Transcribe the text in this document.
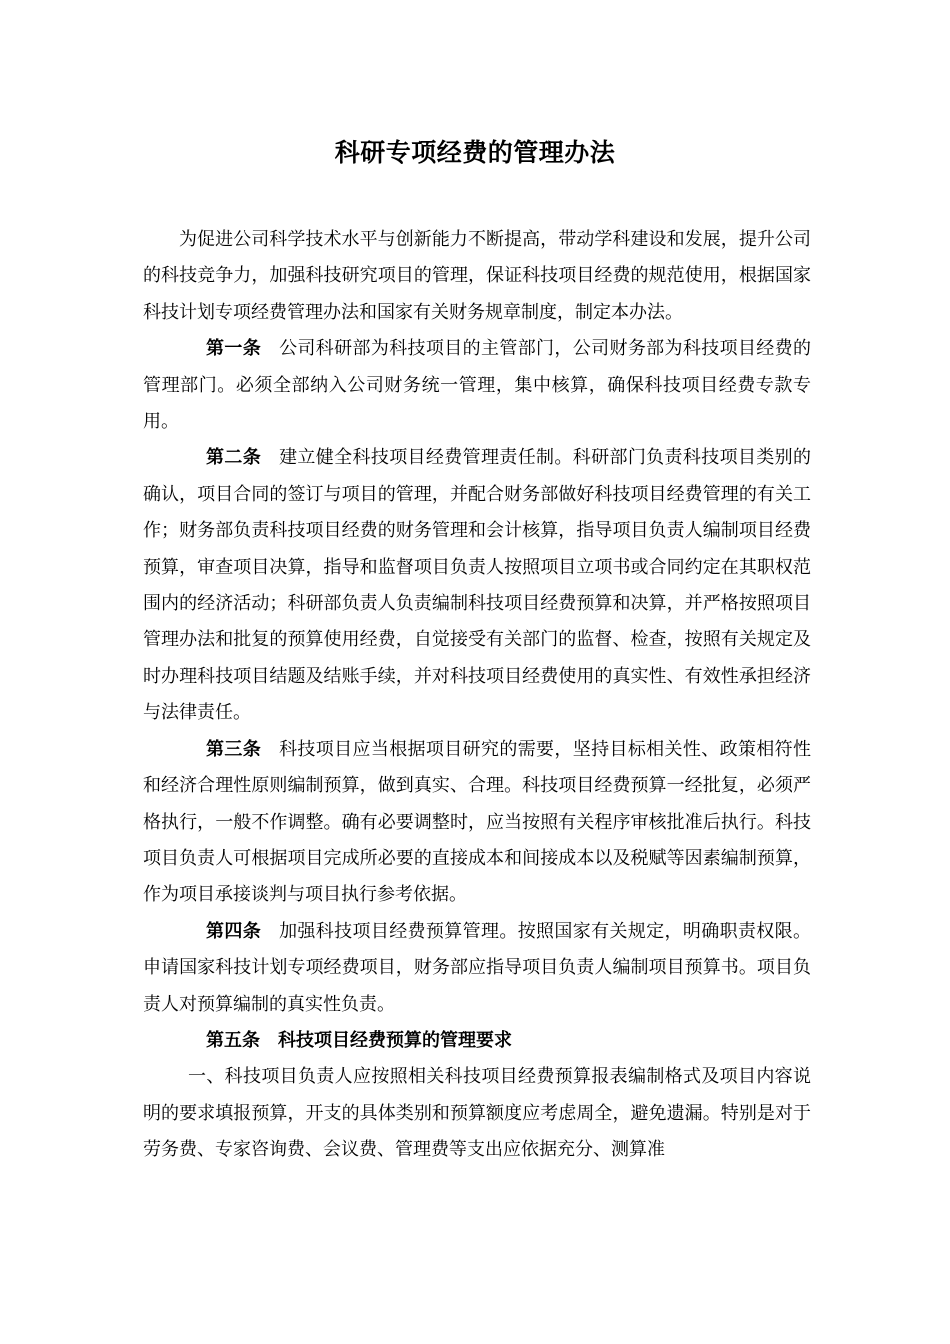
科研专项经费的管理办法

为促进公司科学技术水平与创新能力不断提高，带动学科建设和发展，提升公司的科技竞争力，加强科技研究项目的管理，保证科技项目经费的规范使用，根据国家科技计划专项经费管理办法和国家有关财务规章制度，制定本办法。

第一条 公司科研部为科技项目的主管部门，公司财务部为科技项目经费的管理部门。必须全部纳入公司财务统一管理，集中核算，确保科技项目经费专款专用。

第二条 建立健全科技项目经费管理责任制。科研部门负责科技项目类别的确认，项目合同的签订与项目的管理，并配合财务部做好科技项目经费管理的有关工作；财务部负责科技项目经费的财务管理和会计核算，指导项目负责人编制项目经费预算，审查项目决算，指导和监督项目负责人按照项目立项书或合同约定在其职权范围内的经济活动；科研部负责人负责编制科技项目经费预算和决算，并严格按照项目管理办法和批复的预算使用经费，自觉接受有关部门的监督、检查，按照有关规定及时办理科技项目结题及结账手续，并对科技项目经费使用的真实性、有效性承担经济与法律责任。

第三条 科技项目应当根据项目研究的需要，坚持目标相关性、政策相符性和经济合理性原则编制预算，做到真实、合理。科技项目经费预算一经批复，必须严格执行，一般不作调整。确有必要调整时，应当按照有关程序审核批准后执行。科技项目负责人可根据项目完成所必要的直接成本和间接成本以及税赋等因素编制预算，作为项目承接谈判与项目执行参考依据。

第四条 加强科技项目经费预算管理。按照国家有关规定，明确职责权限。申请国家科技计划专项经费项目，财务部应指导项目负责人编制项目预算书。项目负责人对预算编制的真实性负责。

第五条 科技项目经费预算的管理要求

一、科技项目负责人应按照相关科技项目经费预算报表编制格式及项目内容说明的要求填报预算，开支的具体类别和预算额度应考虑周全，避免遗漏。特别是对于劳务费、专家咨询费、会议费、管理费等支出应依据充分、测算准
